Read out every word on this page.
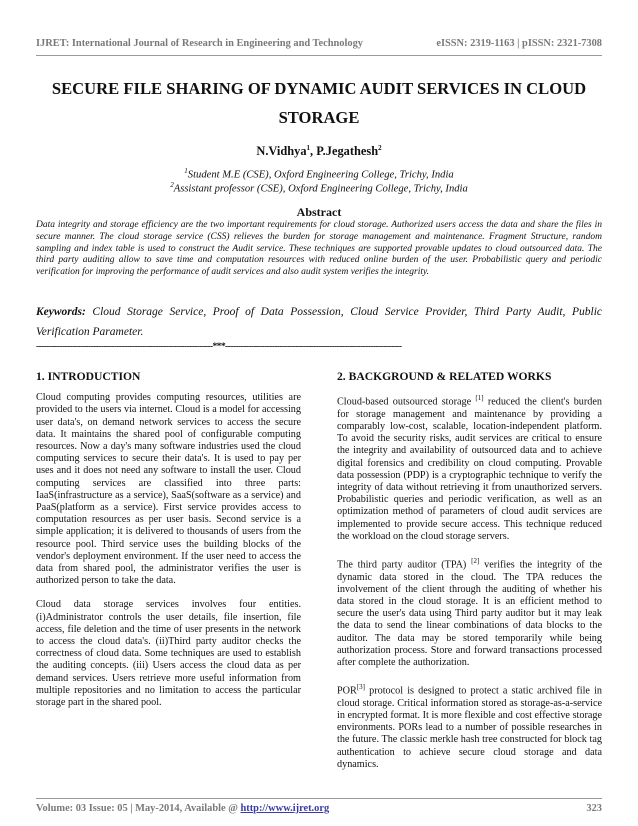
IJRET: International Journal of Research in Engineering and Technology	eISSN: 2319-1163 | pISSN: 2321-7308
SECURE FILE SHARING OF DYNAMIC AUDIT SERVICES IN CLOUD
STORAGE
N.Vidhya$^1$, P.Jegathesh$^2$
$^1$Student M.E (CSE), Oxford Engineering College, Trichy, India
$^2$Assistant professor (CSE), Oxford Engineering College, Trichy, India
Abstract
Data integrity and storage efficiency are the two important requirements for cloud storage. Authorized users access the data and share the files in secure manner. The cloud storage service (CSS) relieves the burden for storage management and maintenance. Fragment Structure, random sampling and index table is used to construct the Audit service. These techniques are supported provable updates to cloud outsourced data. The third party auditing allow to save time and computation resources with reduced online burden of the user. Probabilistic query and periodic verification for improving the performance of audit services and also audit system verifies the integrity.
Keywords: Cloud Storage Service, Proof of Data Possession, Cloud Service Provider, Third Party Audit, Public Verification Parameter.
--------------------------------------------------------------------***--------------------------------------------------------------------
1. INTRODUCTION

Cloud computing provides computing resources, utilities are provided to the users via internet. Cloud is a model for accessing user data's, on demand network services to access the secure data. It maintains the shared pool of configurable computing resources. Now a day's many software industries used the cloud computing services to secure their data's. It is used to pay per uses and it does not need any software to install the user. Cloud computing services are classified into three parts: IaaS(infrastructure as a service), SaaS(software as a service) and PaaS(platform as a service). First service provides access to computation resources as per user basis. Second service is a simple application; it is delivered to thousands of users from the resource pool. Third service uses the building blocks of the vendor's deployment environment. If the user need to access the data from shared pool, the administrator verifies the user is authorized person to take the data.

Cloud data storage services involves four entities.(i)Administrator controls the user details, file insertion, file access, file deletion and the time of user presents in the network to access the cloud data's. (ii)Third party auditor checks the correctness of cloud data. Some techniques are used to establish the auditing concepts. (iii) Users access the cloud data as per demand services. Users retrieve more useful information from multiple repositories and no limitation to access the particular storage part in the shared pool.

2. BACKGROUND & RELATED WORKS

Cloud-based outsourced storage [1] reduced the client's burden for storage management and maintenance by providing a comparably low-cost, scalable, location-independent platform. To avoid the security risks, audit services are critical to ensure the integrity and availability of outsourced data and to achieve digital forensics and credibility on cloud computing. Provable data possession (PDP) is a cryptographic technique to verify the integrity of data without retrieving it from unauthorized servers. Probabilistic queries and periodic verification, as well as an optimization method of parameters of cloud audit services are implemented to provide secure access. This technique reduced the workload on the cloud storage servers.

The third party auditor (TPA) [2] verifies the integrity of the dynamic data stored in the cloud. The TPA reduces the involvement of the client through the auditing of whether his data stored in the cloud storage. It is an efficient method to secure the user's data using Third party auditor but it may leak the data to send the linear combinations of data blocks to the auditor. The data may be stored temporarily while being authorization process. Store and forward transactions processed after complete the authorization.

POR[3] protocol is designed to protect a static archived file in cloud storage. Critical information stored as storage-as-a-service in encrypted format. It is more flexible and cost effective storage environments. PORs lead to a number of possible researches in the future. The classic merkle hash tree constructed for block tag authentication to achieve secure cloud storage and data dynamics.

Volume: 03 Issue: 05 | May-2014, Available @ http://www.ijret.org	323
